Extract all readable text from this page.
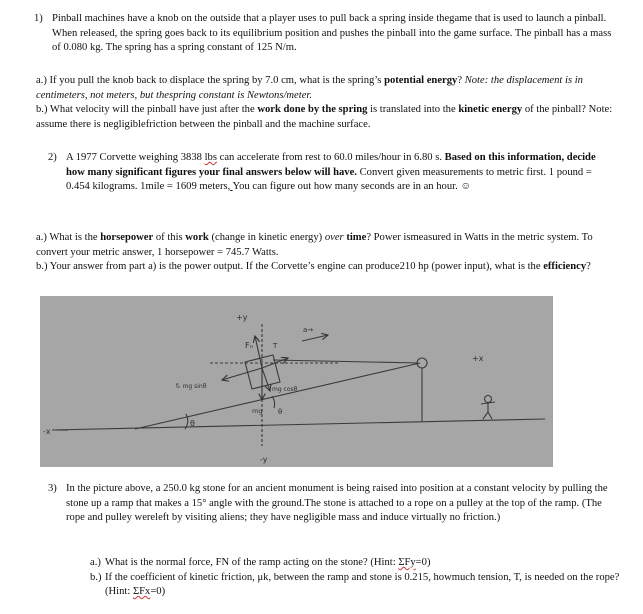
1) Pinball machines have a knob on the outside that a player uses to pull back a spring inside thegame that is used to launch a pinball. When released, the spring goes back to its equilibrium position and pushes the pinball into the game surface. The pinball has a mass of 0.080 kg. The spring has a spring constant of 125 N/m.
a.) If you pull the knob back to displace the spring by 7.0 cm, what is the spring’s potential energy? Note: the displacement is in centimeters, not meters, but thespring constant is Newtons/meter.
b.) What velocity will the pinball have just after the work done by the spring is translated into the kinetic energy of the pinball? Note: assume there is negligiblefriction between the pinball and the machine surface.
2) A 1977 Corvette weighing 3838 lbs can accelerate from rest to 60.0 miles/hour in 6.80 s. Based on this information, decide how many significant figures your final answers below will have. Convert given measurements to metric first. 1 pound = 0.454 kilograms. 1mile = 1609 meters, You can figure out how many seconds are in an hour. ☺
a.) What is the horsepower of this work (change in kinetic energy) over time? Power ismeasured in Watts in the metric system. To convert your metric answer, 1 horsepower = 745.7 Watts.
b.) Your answer from part a) is the power output. If the Corvette’s engine can produce210 hp (power input), what is the efficiency?
+y
-y
+x
-x
Fₙ	T
fₖ mg sinθ	mg cosθ
mg
θ
θ
a→
3) In the picture above, a 250.0 kg stone for an ancient monument is being raised into position at a constant velocity by pulling the stone up a ramp that makes a 15° angle with the ground.The stone is attached to a rope on a pulley at the top of the ramp. (The rope and pulley wereleft by visiting aliens; they have negligible mass and induce virtually no friction.)
a.) What is the normal force, FN of the ramp acting on the stone? (Hint: ΣFy=0)
b.) If the coefficient of kinetic friction, μk, between the ramp and stone is 0.215, howmuch tension, T, is needed on the rope? (Hint: ΣFx=0)
